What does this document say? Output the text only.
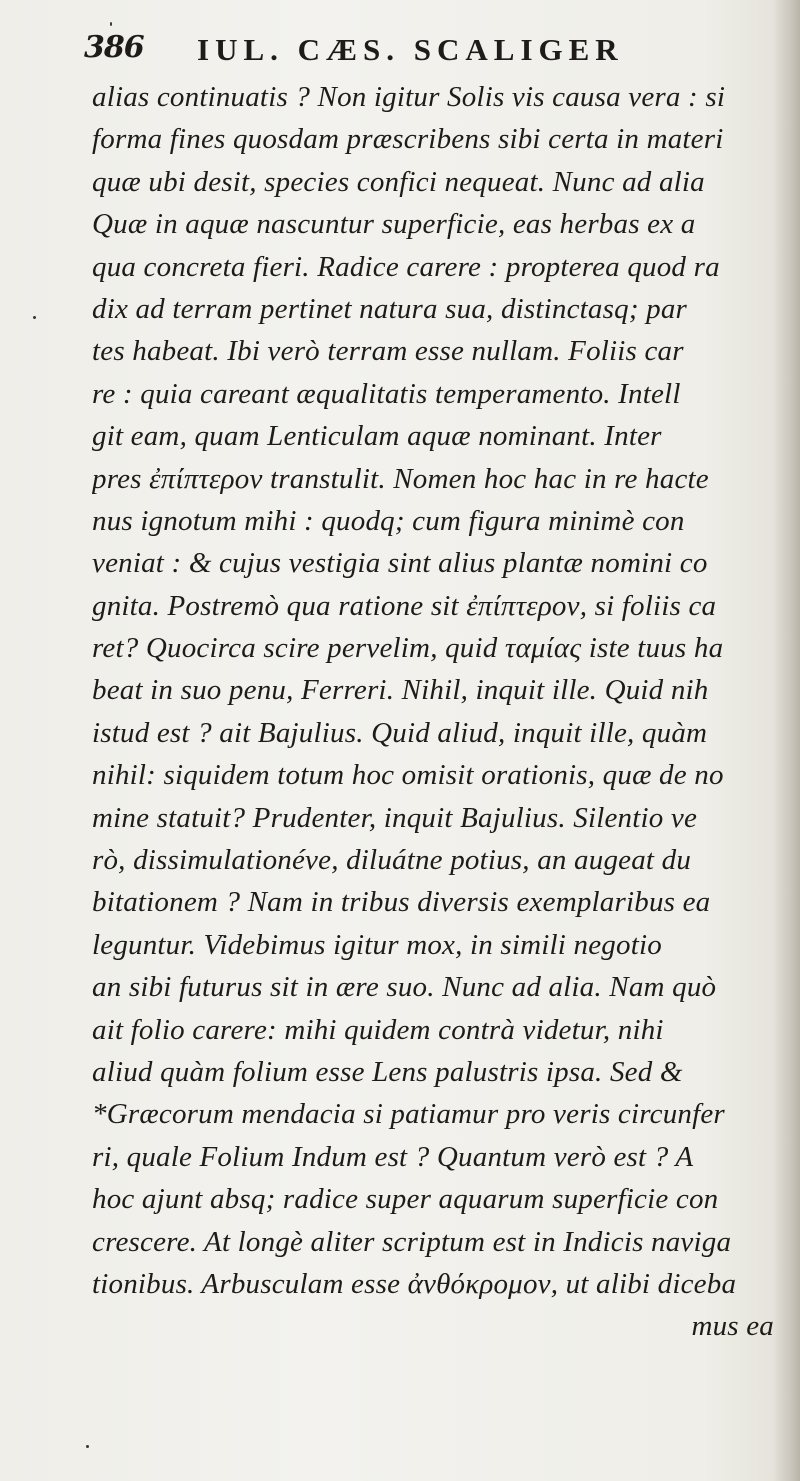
386 IUL. CÆS. SCALIGER
alias continuatis ? Non igitur Solis vis causa vera : si
forma fines quosdam præscribens sibi certa in materi
quæ ubi desit, species confici nequeat. Nunc ad alia
Quæ in aquæ nascuntur superficie, eas herbas ex a
qua concreta fieri. Radice carere : propterea quod ra
dix ad terram pertinet natura sua, distinctasq; par
tes habeat. Ibi verò terram esse nullam. Foliis car
re : quia careant æqualitatis temperamento. Intell
git eam, quam Lenticulam aquæ nominant. Inter
pres ἐπίπτερον transtulit. Nomen hoc hac in re hacte
nus ignotum mihi : quodq; cum figura minimè con
veniat : & cujus vestigia sint alius plantæ nomini co
gnita. Postremò qua ratione sit ἐπίπτερον, si foliis ca
ret? Quocirca scire pervelim, quid ταμίας iste tuus ha
beat in suo penu, Ferreri. Nihil, inquit ille. Quid nih
istud est ? ait Bajulius. Quid aliud, inquit ille, quàm
nihil: siquidem totum hoc omisit orationis, quæ de no
mine statuit? Prudenter, inquit Bajulius. Silentio ve
rò, dissimulationéve, diluátne potius, an augeat du
bitationem ? Nam in tribus diversis exemplaribus ea
leguntur. Videbimus igitur mox, in simili negotio
an sibi futurus sit in ære suo. Nunc ad alia. Nam quò
ait folio carere: mihi quidem contrà videtur, nihi
aliud quàm folium esse Lens palustris ipsa. Sed &
*Græcorum mendacia si patiamur pro veris circunfer
ri, quale Folium Indum est ? Quantum verò est ? A
hoc ajunt absq; radice super aquarum superficie con
crescere. At longè aliter scriptum est in Indicis naviga
tionibus. Arbusculam esse ἀνθόκρομον, ut alibi diceba
mus ea
